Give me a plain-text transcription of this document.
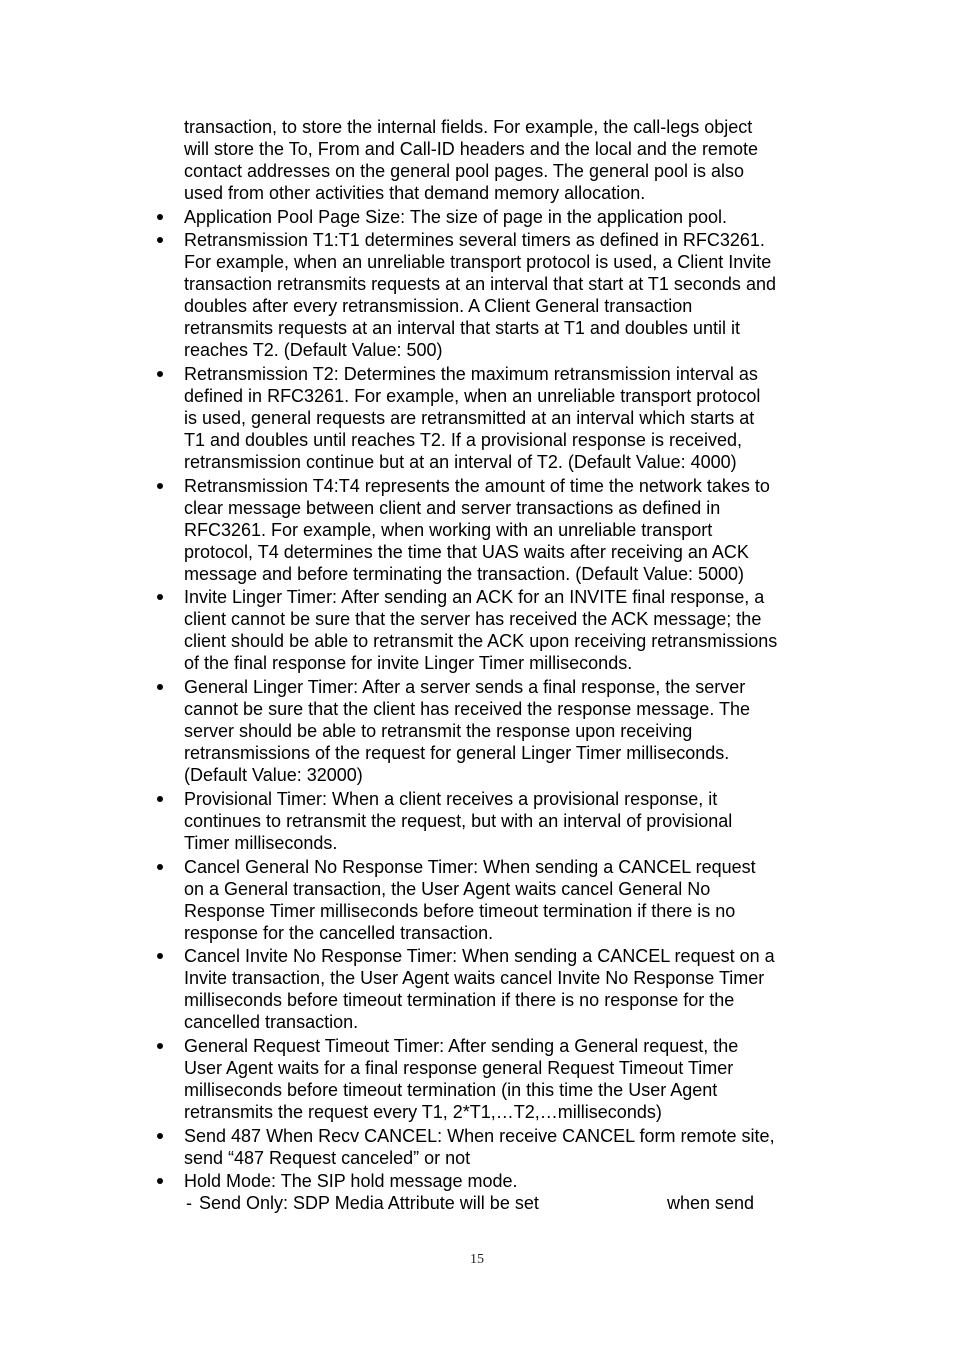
transaction, to store the internal fields. For example, the call-legs object
will store the To, From and Call-ID headers and the local and the remote
contact addresses on the general pool pages. The general pool is also
used from other activities that demand memory allocation.
Application Pool Page Size: The size of page in the application pool.
Retransmission T1:T1 determines several timers as defined in RFC3261.
For example, when an unreliable transport protocol is used, a Client Invite
transaction retransmits requests at an interval that start at T1 seconds and
doubles after every retransmission. A Client General transaction
retransmits requests at an interval that starts at T1 and doubles until it
reaches T2. (Default Value: 500)
Retransmission T2: Determines the maximum retransmission interval as
defined in RFC3261. For example, when an unreliable transport protocol
is used, general requests are retransmitted at an interval which starts at
T1 and doubles until reaches T2. If a provisional response is received,
retransmission continue but at an interval of T2. (Default Value: 4000)
Retransmission T4:T4 represents the amount of time the network takes to
clear message between client and server transactions as defined in
RFC3261. For example, when working with an unreliable transport
protocol, T4 determines the time that UAS waits after receiving an ACK
message and before terminating the transaction. (Default Value: 5000)
Invite Linger Timer: After sending an ACK for an INVITE final response, a
client cannot be sure that the server has received the ACK message; the
client should be able to retransmit the ACK upon receiving retransmissions
of the final response for invite Linger Timer milliseconds.
General Linger Timer: After a server sends a final response, the server
cannot be sure that the client has received the response message. The
server should be able to retransmit the response upon receiving
retransmissions of the request for general Linger Timer milliseconds.
(Default Value: 32000)
Provisional Timer: When a client receives a provisional response, it
continues to retransmit the request, but with an interval of provisional
Timer milliseconds.
Cancel General No Response Timer: When sending a CANCEL request
on a General transaction, the User Agent waits cancel General No
Response Timer milliseconds before timeout termination if there is no
response for the cancelled transaction.
Cancel Invite No Response Timer: When sending a CANCEL request on a
Invite transaction, the User Agent waits cancel Invite No Response Timer
milliseconds before timeout termination if there is no response for the
cancelled transaction.
General Request Timeout Timer: After sending a General request, the
User Agent waits for a final response general Request Timeout Timer
milliseconds before timeout termination (in this time the User Agent
retransmits the request every T1, 2*T1,…T2,…milliseconds)
Send 487 When Recv CANCEL: When receive CANCEL form remote site,
send “487 Request canceled” or not
Hold Mode: The SIP hold message mode.

-

Send Only: SDP Media Attribute will be set

	when send

15
